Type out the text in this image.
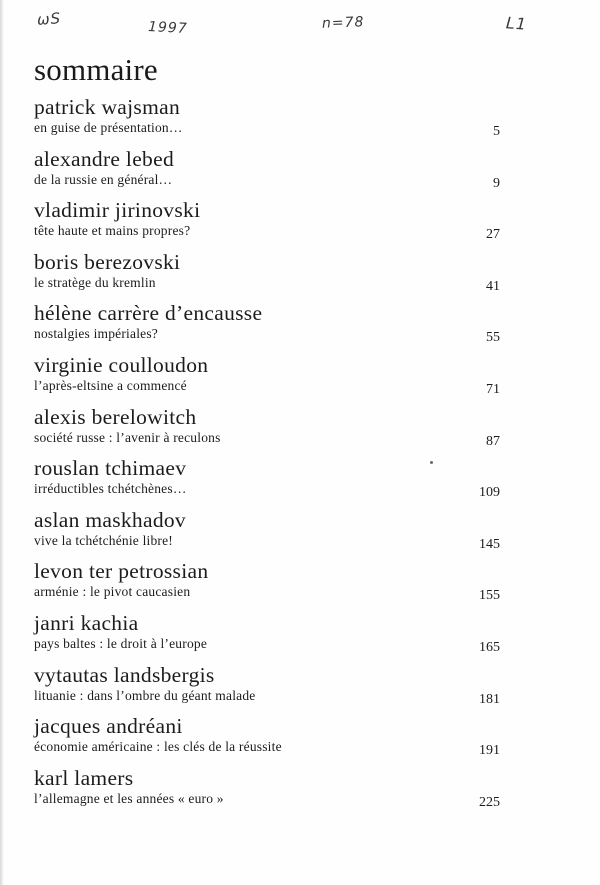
ωS	1997	n=78	L1
sommaire
patrick wajsman
en guise de présentation…	5
alexandre lebed
de la russie en général…	9
vladimir jirinovski
tête haute et mains propres?	27
boris berezovski
le stratège du kremlin	41
hélène carrère d’encausse
nostalgies impériales?	55
virginie coulloudon
l’après-eltsine a commencé	71
alexis berelowitch
société russe : l’avenir à reculons	87
rouslan tchimaev
irréductibles tchétchènes…	109
aslan maskhadov
vive la tchétchénie libre!	145
levon ter petrossian
arménie : le pivot caucasien	155
janri kachia
pays baltes : le droit à l’europe	165
vytautas landsbergis
lituanie : dans l’ombre du géant malade	181
jacques andréani
économie américaine : les clés de la réussite	191
karl lamers
l’allemagne et les années « euro »	225
